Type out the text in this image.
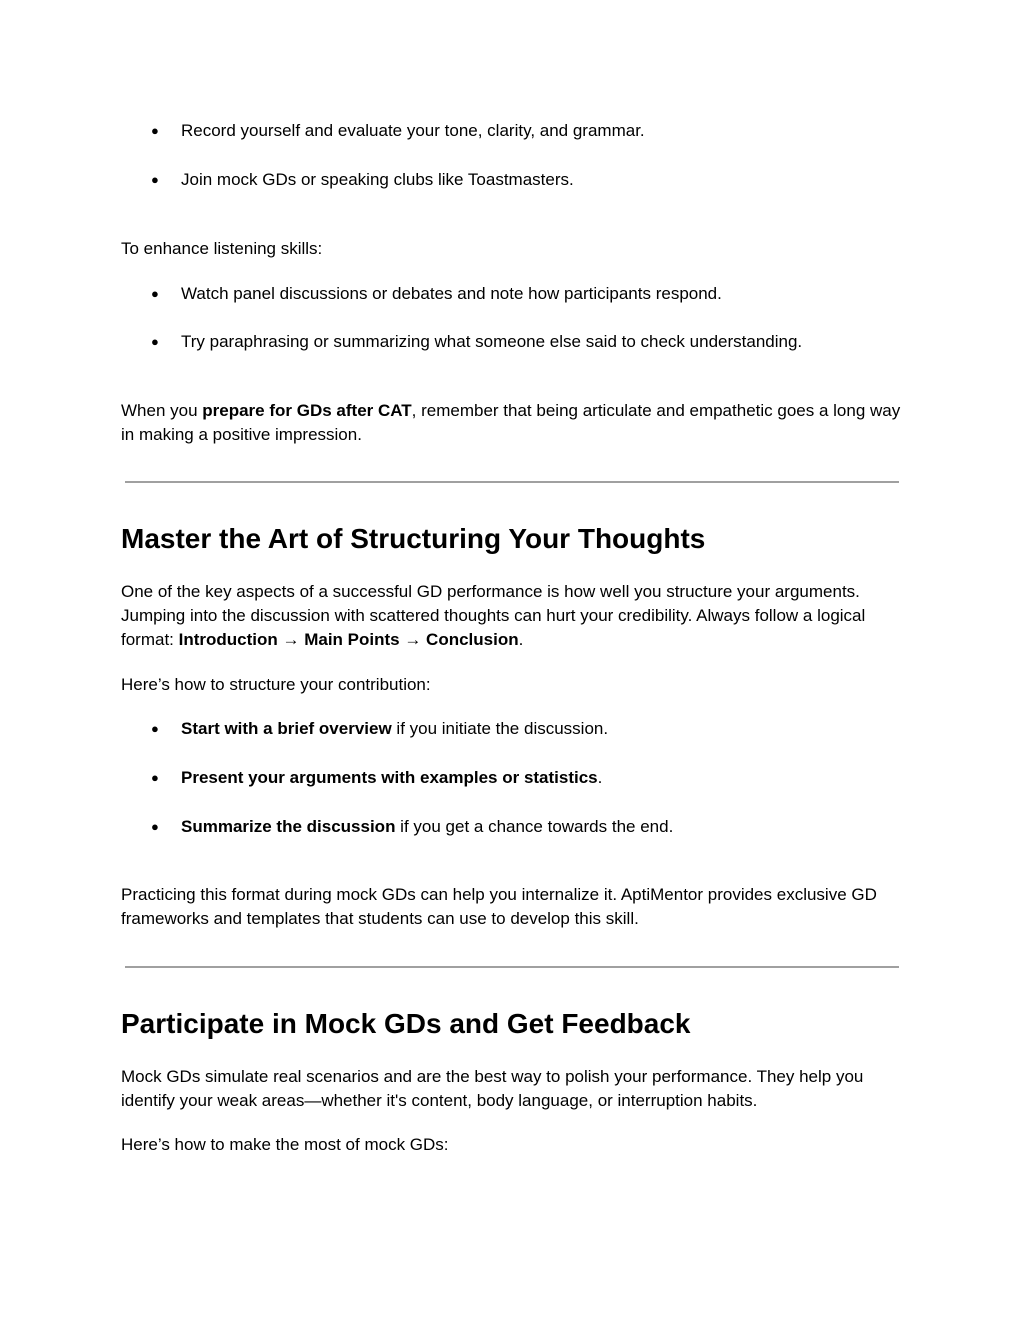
● Record yourself and evaluate your tone, clarity, and grammar.
● Join mock GDs or speaking clubs like Toastmasters.

To enhance listening skills:

● Watch panel discussions or debates and note how participants respond.
● Try paraphrasing or summarizing what someone else said to check understanding.

When you prepare for GDs after CAT, remember that being articulate and empathetic goes a long way in making a positive impression.

Master the Art of Structuring Your Thoughts

One of the key aspects of a successful GD performance is how well you structure your arguments. Jumping into the discussion with scattered thoughts can hurt your credibility. Always follow a logical format: Introduction → Main Points → Conclusion.

Here’s how to structure your contribution:

● Start with a brief overview if you initiate the discussion.
● Present your arguments with examples or statistics.
● Summarize the discussion if you get a chance towards the end.

Practicing this format during mock GDs can help you internalize it. AptiMentor provides exclusive GD frameworks and templates that students can use to develop this skill.

Participate in Mock GDs and Get Feedback

Mock GDs simulate real scenarios and are the best way to polish your performance. They help you identify your weak areas—whether it's content, body language, or interruption habits.

Here’s how to make the most of mock GDs:
